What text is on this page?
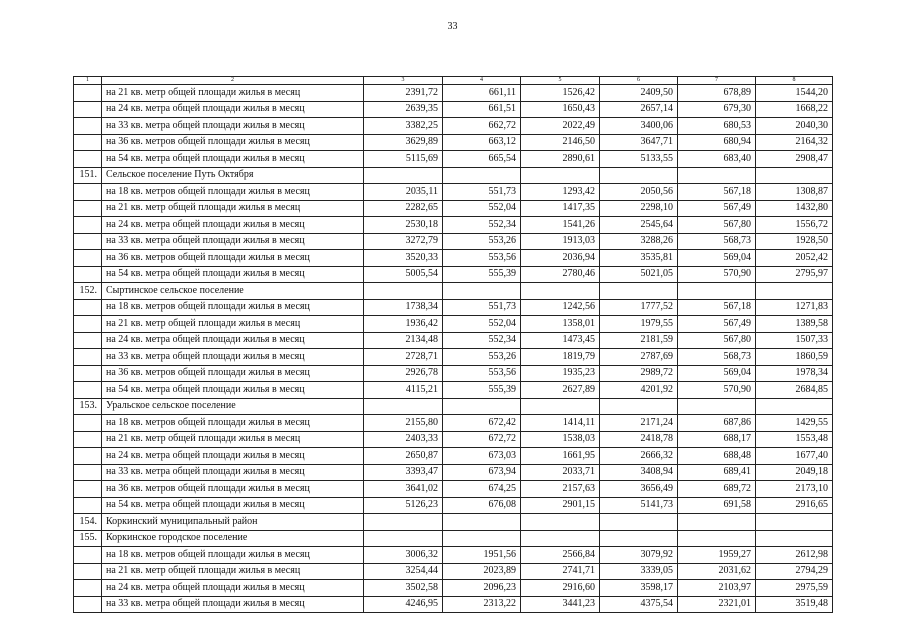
33
1	2	3	4	5	6	7	8
	на 21 кв. метр общей площади жилья в месяц	2391,72	661,11	1526,42	2409,50	678,89	1544,20
	на 24 кв. метра общей площади жилья в месяц	2639,35	661,51	1650,43	2657,14	679,30	1668,22
	на 33 кв. метра общей площади жилья в месяц	3382,25	662,72	2022,49	3400,06	680,53	2040,30
	на 36 кв. метров общей площади жилья в месяц	3629,89	663,12	2146,50	3647,71	680,94	2164,32
	на 54 кв. метра общей площади жилья в месяц	5115,69	665,54	2890,61	5133,55	683,40	2908,47
151.	Сельское поселение Путь Октября						
	на 18 кв. метров общей площади жилья в месяц	2035,11	551,73	1293,42	2050,56	567,18	1308,87
	на 21 кв. метр общей площади жилья в месяц	2282,65	552,04	1417,35	2298,10	567,49	1432,80
	на 24 кв. метра общей площади жилья в месяц	2530,18	552,34	1541,26	2545,64	567,80	1556,72
	на 33 кв. метра общей площади жилья в месяц	3272,79	553,26	1913,03	3288,26	568,73	1928,50
	на 36 кв. метров общей площади жилья в месяц	3520,33	553,56	2036,94	3535,81	569,04	2052,42
	на 54 кв. метра общей площади жилья в месяц	5005,54	555,39	2780,46	5021,05	570,90	2795,97
152.	Сыртинское сельское поселение						
	на 18 кв. метров общей площади жилья в месяц	1738,34	551,73	1242,56	1777,52	567,18	1271,83
	на 21 кв. метр общей площади жилья в месяц	1936,42	552,04	1358,01	1979,55	567,49	1389,58
	на 24 кв. метра общей площади жилья в месяц	2134,48	552,34	1473,45	2181,59	567,80	1507,33
	на 33 кв. метра общей площади жилья в месяц	2728,71	553,26	1819,79	2787,69	568,73	1860,59
	на 36 кв. метров общей площади жилья в месяц	2926,78	553,56	1935,23	2989,72	569,04	1978,34
	на 54 кв. метра общей площади жилья в месяц	4115,21	555,39	2627,89	4201,92	570,90	2684,85
153.	Уральское сельское поселение						
	на 18 кв. метров общей площади жилья в месяц	2155,80	672,42	1414,11	2171,24	687,86	1429,55
	на 21 кв. метр общей площади жилья в месяц	2403,33	672,72	1538,03	2418,78	688,17	1553,48
	на 24 кв. метра общей площади жилья в месяц	2650,87	673,03	1661,95	2666,32	688,48	1677,40
	на 33 кв. метра общей площади жилья в месяц	3393,47	673,94	2033,71	3408,94	689,41	2049,18
	на 36 кв. метров общей площади жилья в месяц	3641,02	674,25	2157,63	3656,49	689,72	2173,10
	на 54 кв. метра общей площади жилья в месяц	5126,23	676,08	2901,15	5141,73	691,58	2916,65
154.	Коркинский муниципальный район						
155.	Коркинское городское поселение						
	на 18 кв. метров общей площади жилья в месяц	3006,32	1951,56	2566,84	3079,92	1959,27	2612,98
	на 21 кв. метр общей площади жилья в месяц	3254,44	2023,89	2741,71	3339,05	2031,62	2794,29
	на 24 кв. метра общей площади жилья в месяц	3502,58	2096,23	2916,60	3598,17	2103,97	2975,59
	на 33 кв. метра общей площади жилья в месяц	4246,95	2313,22	3441,23	4375,54	2321,01	3519,48
